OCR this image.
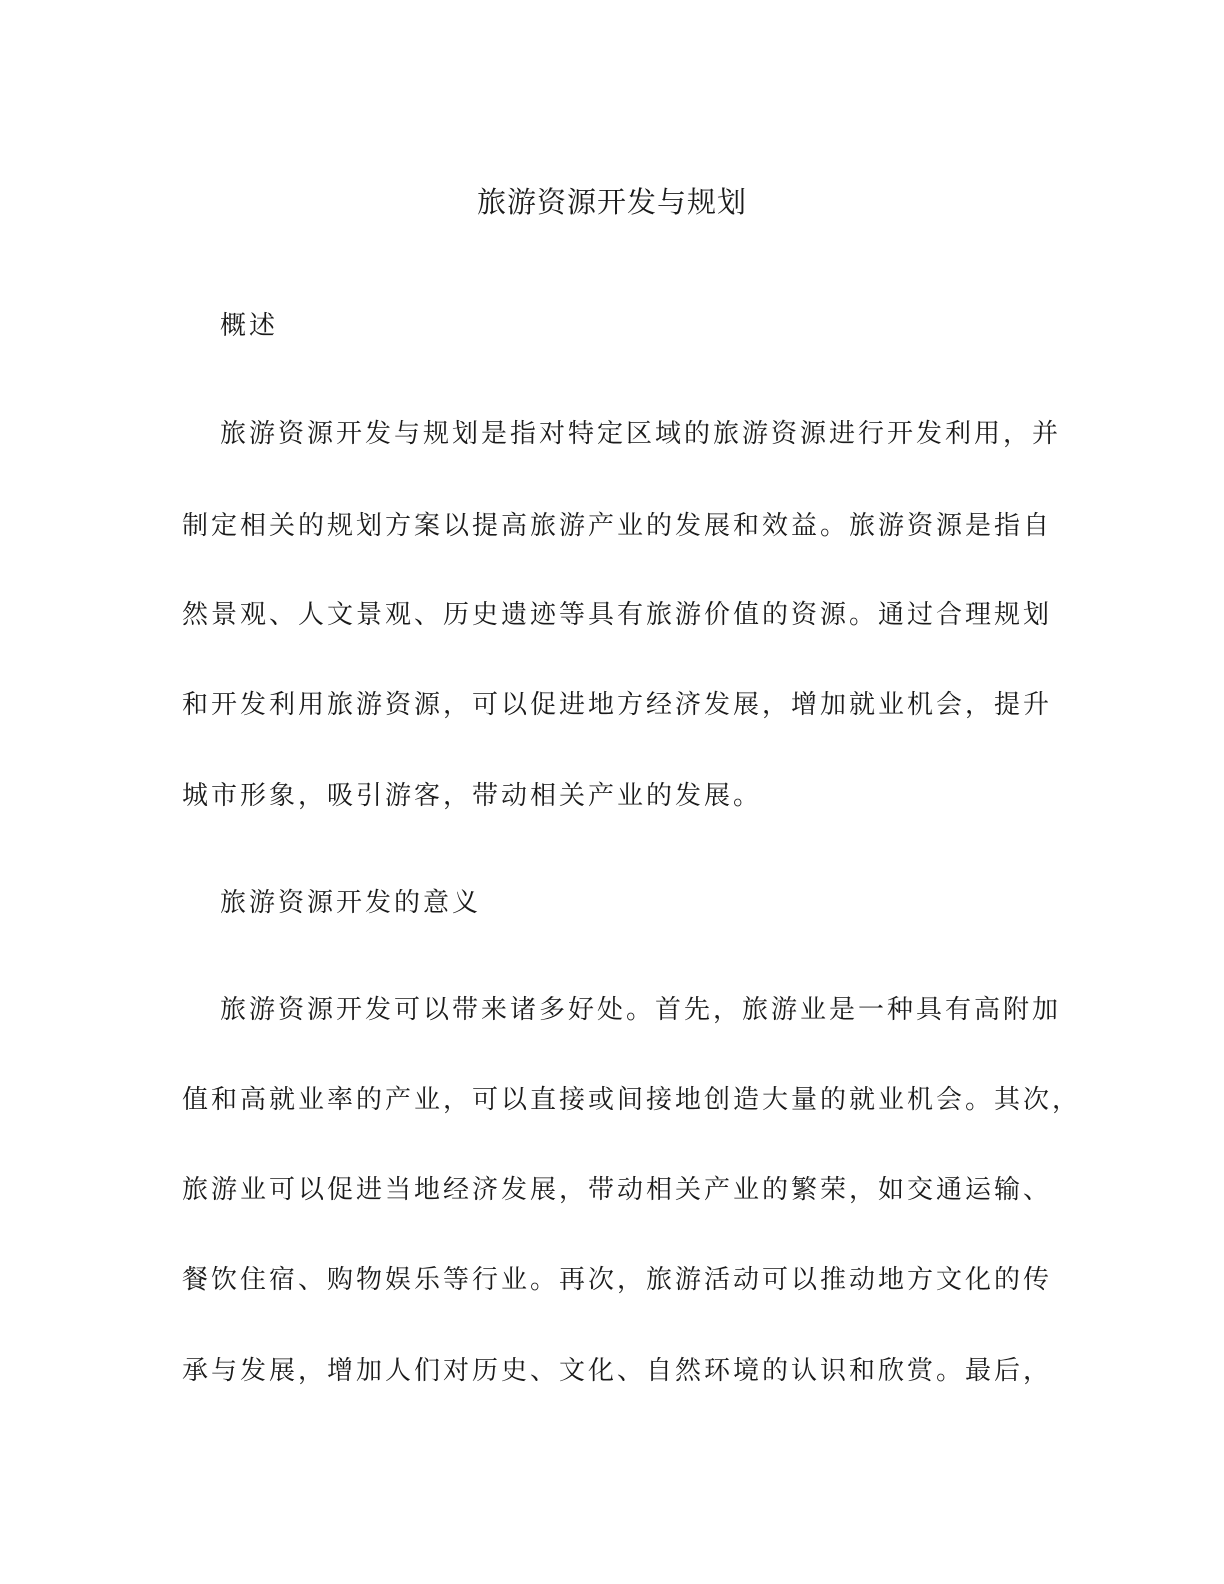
旅游资源开发与规划
概述
旅游资源开发与规划是指对特定区域的旅游资源进行开发利用，并
制定相关的规划方案以提高旅游产业的发展和效益。旅游资源是指自
然景观、人文景观、历史遗迹等具有旅游价值的资源。通过合理规划
和开发利用旅游资源，可以促进地方经济发展，增加就业机会，提升
城市形象，吸引游客，带动相关产业的发展。
旅游资源开发的意义
旅游资源开发可以带来诸多好处。首先，旅游业是一种具有高附加
值和高就业率的产业，可以直接或间接地创造大量的就业机会。其次，
旅游业可以促进当地经济发展，带动相关产业的繁荣，如交通运输、
餐饮住宿、购物娱乐等行业。再次，旅游活动可以推动地方文化的传
承与发展，增加人们对历史、文化、自然环境的认识和欣赏。最后，
